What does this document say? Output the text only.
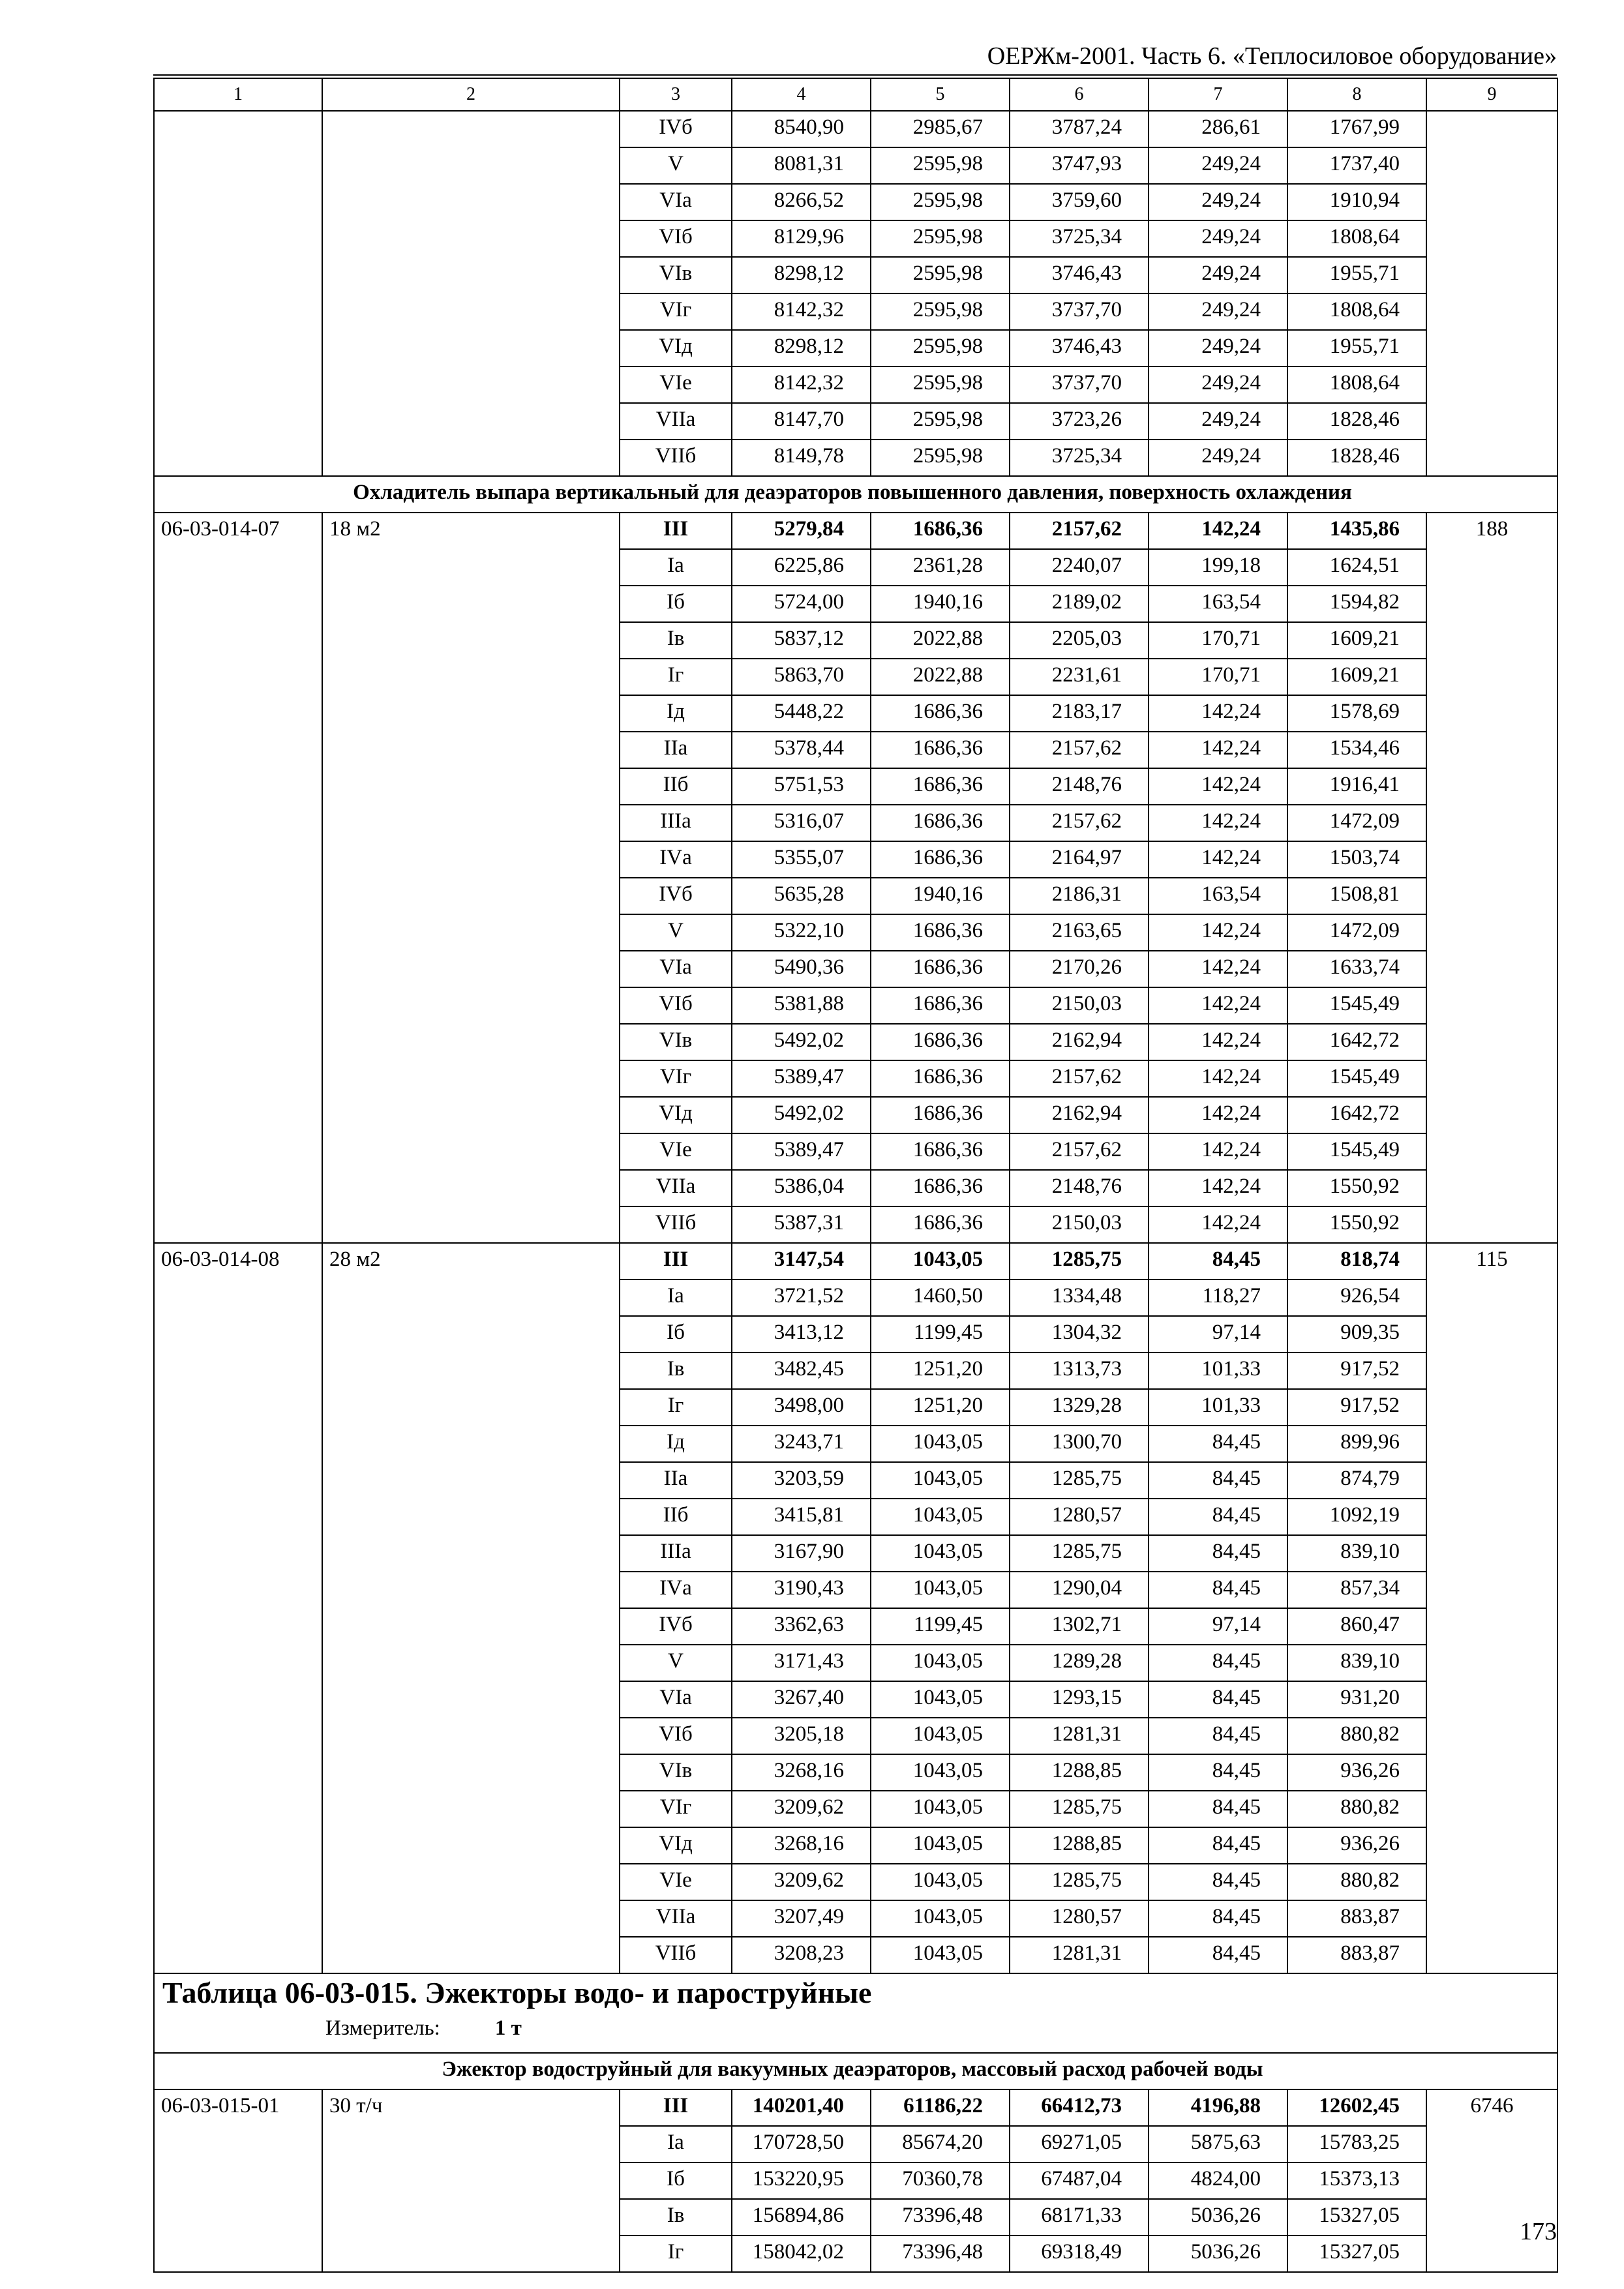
ОЕРЖм-2001. Часть 6. «Теплосиловое оборудование»
1	2	3	4	5	6	7	8	9
		IVб	8540,90	2985,67	3787,24	286,61	1767,99	
		V	8081,31	2595,98	3747,93	249,24	1737,40	
		VIа	8266,52	2595,98	3759,60	249,24	1910,94	
		VIб	8129,96	2595,98	3725,34	249,24	1808,64	
		VIв	8298,12	2595,98	3746,43	249,24	1955,71	
		VIг	8142,32	2595,98	3737,70	249,24	1808,64	
		VIд	8298,12	2595,98	3746,43	249,24	1955,71	
		VIе	8142,32	2595,98	3737,70	249,24	1808,64	
		VIIа	8147,70	2595,98	3723,26	249,24	1828,46	
		VIIб	8149,78	2595,98	3725,34	249,24	1828,46	
Охладитель выпара вертикальный для деаэраторов повышенного давления, поверхность охлаждения								
06-03-014-07	18 м2	III	5279,84	1686,36	2157,62	142,24	1435,86	188
		Iа	6225,86	2361,28	2240,07	199,18	1624,51	
		Iб	5724,00	1940,16	2189,02	163,54	1594,82	
		Iв	5837,12	2022,88	2205,03	170,71	1609,21	
		Iг	5863,70	2022,88	2231,61	170,71	1609,21	
		Iд	5448,22	1686,36	2183,17	142,24	1578,69	
		IIа	5378,44	1686,36	2157,62	142,24	1534,46	
		IIб	5751,53	1686,36	2148,76	142,24	1916,41	
		IIIа	5316,07	1686,36	2157,62	142,24	1472,09	
		IVа	5355,07	1686,36	2164,97	142,24	1503,74	
		IVб	5635,28	1940,16	2186,31	163,54	1508,81	
		V	5322,10	1686,36	2163,65	142,24	1472,09	
		VIа	5490,36	1686,36	2170,26	142,24	1633,74	
		VIб	5381,88	1686,36	2150,03	142,24	1545,49	
		VIв	5492,02	1686,36	2162,94	142,24	1642,72	
		VIг	5389,47	1686,36	2157,62	142,24	1545,49	
		VIд	5492,02	1686,36	2162,94	142,24	1642,72	
		VIе	5389,47	1686,36	2157,62	142,24	1545,49	
		VIIа	5386,04	1686,36	2148,76	142,24	1550,92	
		VIIб	5387,31	1686,36	2150,03	142,24	1550,92	
06-03-014-08	28 м2	III	3147,54	1043,05	1285,75	84,45	818,74	115
		Iа	3721,52	1460,50	1334,48	118,27	926,54	
		Iб	3413,12	1199,45	1304,32	97,14	909,35	
		Iв	3482,45	1251,20	1313,73	101,33	917,52	
		Iг	3498,00	1251,20	1329,28	101,33	917,52	
		Iд	3243,71	1043,05	1300,70	84,45	899,96	
		IIа	3203,59	1043,05	1285,75	84,45	874,79	
		IIб	3415,81	1043,05	1280,57	84,45	1092,19	
		IIIа	3167,90	1043,05	1285,75	84,45	839,10	
		IVа	3190,43	1043,05	1290,04	84,45	857,34	
		IVб	3362,63	1199,45	1302,71	97,14	860,47	
		V	3171,43	1043,05	1289,28	84,45	839,10	
		VIа	3267,40	1043,05	1293,15	84,45	931,20	
		VIб	3205,18	1043,05	1281,31	84,45	880,82	
		VIв	3268,16	1043,05	1288,85	84,45	936,26	
		VIг	3209,62	1043,05	1285,75	84,45	880,82	
		VIд	3268,16	1043,05	1288,85	84,45	936,26	
		VIе	3209,62	1043,05	1285,75	84,45	880,82	
		VIIа	3207,49	1043,05	1280,57	84,45	883,87	
		VIIб	3208,23	1043,05	1281,31	84,45	883,87	

Таблица 06-03-015. Эжекторы водо- и пароструйные
Измеритель: 1 т								

Эжектор водоструйный для вакуумных деаэраторов, массовый расход рабочей воды								
06-03-015-01	30 т/ч	III	140201,40	61186,22	66412,73	4196,88	12602,45	6746
		Iа	170728,50	85674,20	69271,05	5875,63	15783,25	
		Iб	153220,95	70360,78	67487,04	4824,00	15373,13	
		Iв	156894,86	73396,48	68171,33	5036,26	15327,05	
		Iг	158042,02	73396,48	69318,49	5036,26	15327,05	
173
